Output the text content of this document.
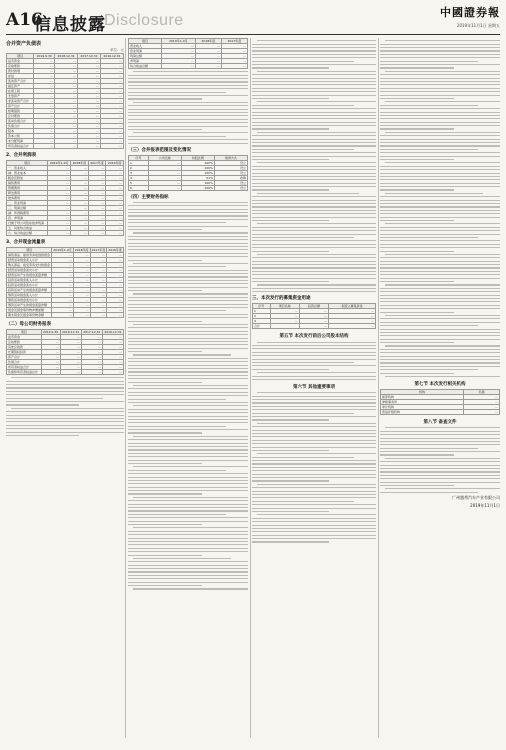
A16
信息披露
Disclosure	中國證券報
2019年11月1日 星期五
合并资产负债表
单位：元
项目	2019.9.30	2018.12.31	2017.12.31	2016.12.31
货币资金	...	...	...	...
应收账款	...	...	...	...
预付款项	...	...	...	...
存货	...	...	...	...
流动资产合计	...	...	...	...
固定资产	...	...	...	...
在建工程	...	...	...	...
无形资产	...	...	...	...
非流动资产合计	...	...	...	...
资产总计	...	...	...	...
短期借款	...	...	...	...
应付账款	...	...	...	...
流动负债合计	...	...	...	...
负债合计	...	...	...	...
股本	...	...	...	...
资本公积	...	...	...	...
未分配利润	...	...	...	...
所有者权益合计	...	...	...	...
2、合并利润表
项目	2019年1-9月	2018年度	2017年度	2016年度
一、营业收入	...	...	...	...
减：营业成本	...	...	...	...
税金及附加	...	...	...	...
销售费用	...	...	...	...
管理费用	...	...	...	...
研发费用	...	...	...	...
财务费用	...	...	...	...
二、营业利润	...	...	...	...
三、利润总额	...	...	...	...
减：所得税费用	...	...	...	...
四、净利润	...	...	...	...
归属于母公司股东的净利润	...	...	...	...
五、其他综合收益	...	...	...	...
六、综合收益总额	...	...	...	...
3、合并现金流量表
项目	2019年1-9月	2018年度	2017年度	2016年度
销售商品、提供劳务收到的现金	...	...	...	...
经营活动现金流入小计	...	...	...	...
购买商品、接受劳务支付的现金	...	...	...	...
经营活动现金流出小计	...	...	...	...
经营活动产生的现金流量净额	...	...	...	...
投资活动现金流入小计	...	...	...	...
投资活动现金流出小计	...	...	...	...
投资活动产生的现金流量净额	...	...	...	...
筹资活动现金流入小计	...	...	...	...
筹资活动现金流出小计	...	...	...	...
筹资活动产生的现金流量净额	...	...	...	...
现金及现金等价物净增加额	...	...	...	...
期末现金及现金等价物余额	...	...	...	...
（二）母公司财务报表
项目	2019.9.30	2018.12.31	2017.12.31	2016.12.31
货币资金	...	...	...	...
应收账款	...	...	...	...
其他应收款	...	...	...	...
长期股权投资	...	...	...	...
资产总计	...	...	...	...
负债合计	...	...	...	...
所有者权益合计	...	...	...	...
负债和所有者权益总计	...	...	...	...
项目	2019年1-9月	2018年度	2017年度
营业收入	...	...	...
营业利润	...	...	...
利润总额	...	...	...
净利润	...	...	...
综合收益总额	...	...	...
（三）合并报表范围及变化情况
序号	公司名称	持股比例	取得方式
1	...	100%	设立
2	...	100%	设立
3	...	100%	设立
4	...	51%	收购
5	...	100%	设立
6	...	100%	设立
（四）主要财务指标
三、本次发行的募集资金用途
序号	项目名称	投资总额	拟投入募集资金
1	...	...	...
2	...	...	...
3	...	...	...
合计		...	...
第五节 本次发行前后公司股本结构
第六节 其他重要事项
第七节 本次发行相关机构
机构	名称
保荐机构	...
律师事务所	...
审计机构	...
资信评级机构	...
第八节 备查文件
广州越秀汽车产业有限公司
2019年11月1日
